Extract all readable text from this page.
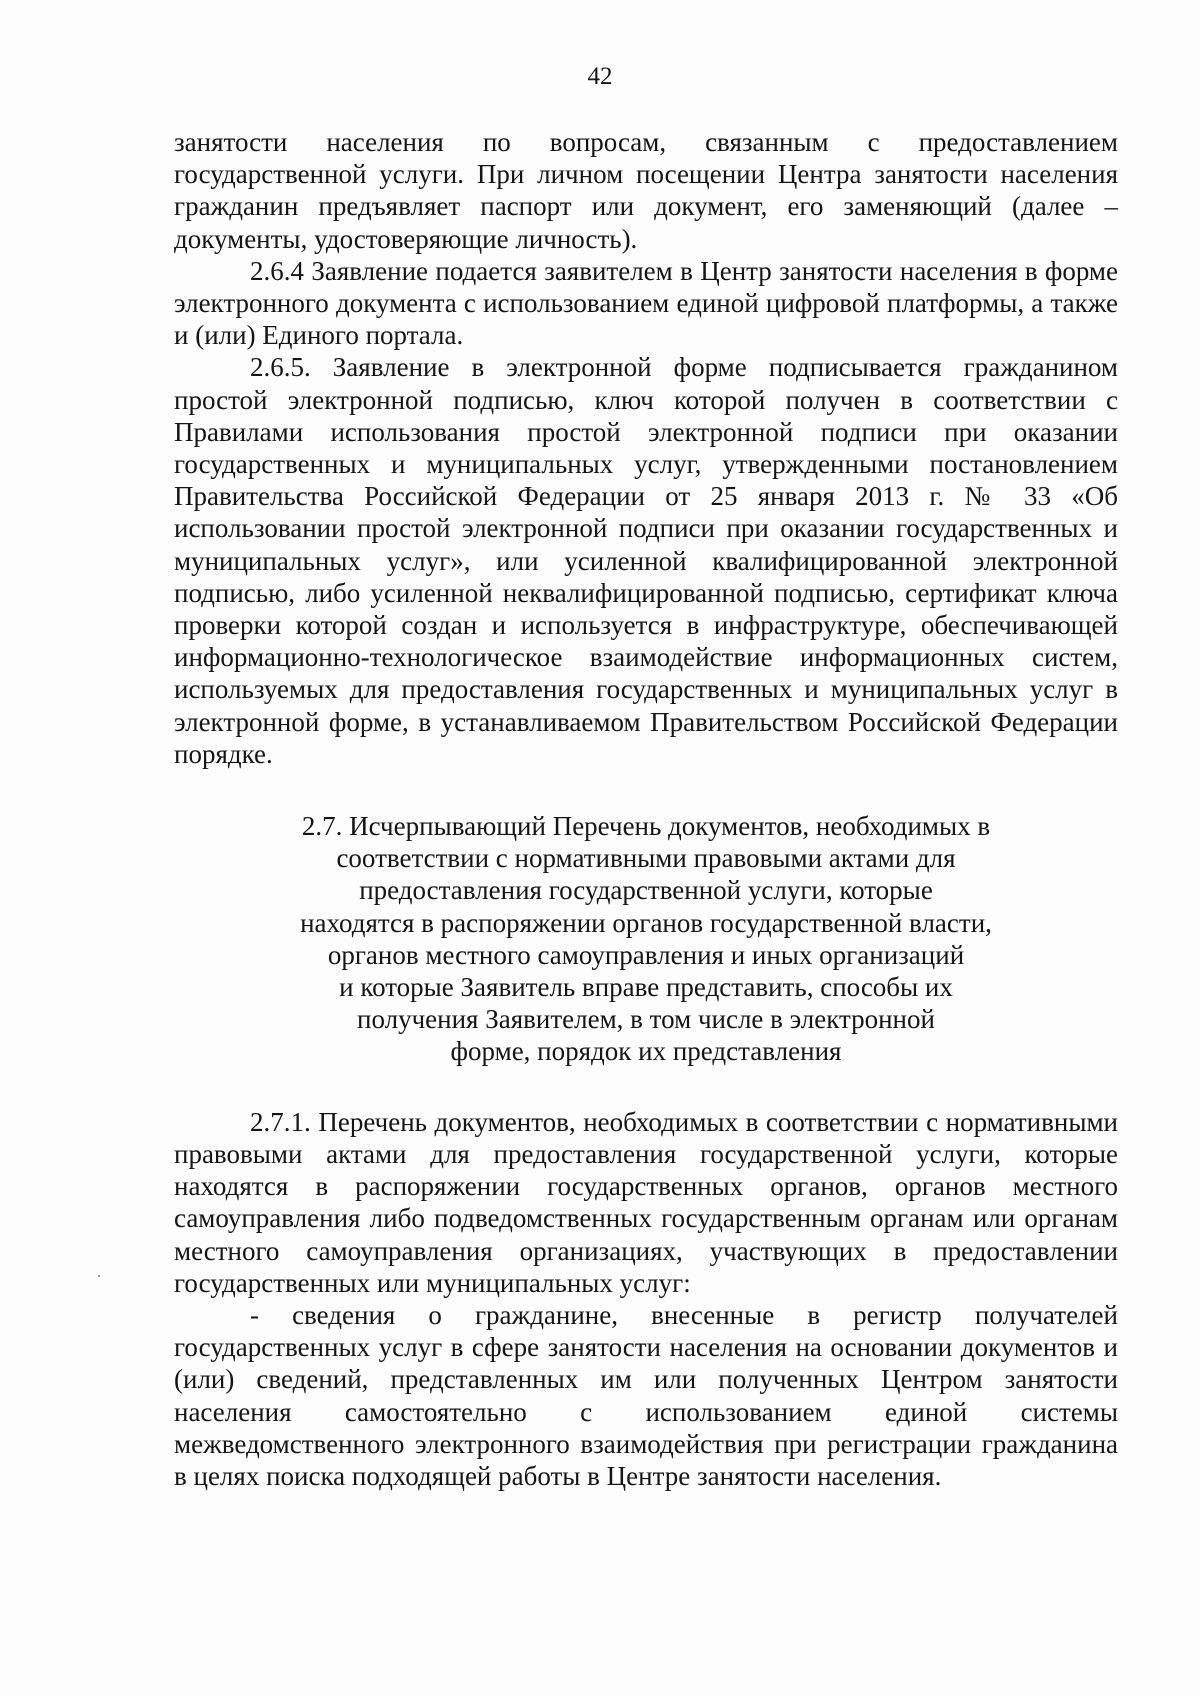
42

занятости населения по вопросам, связанным с предоставлением государственной услуги. При личном посещении Центра занятости населения гражданин предъявляет паспорт или документ, его заменяющий (далее – документы, удостоверяющие личность).

2.6.4 Заявление подается заявителем в Центр занятости населения в форме электронного документа с использованием единой цифровой платформы, а также и (или) Единого портала.

2.6.5. Заявление в электронной форме подписывается гражданином простой электронной подписью, ключ которой получен в соответствии с Правилами использования простой электронной подписи при оказании государственных и муниципальных услуг, утвержденными постановлением Правительства Российской Федерации от 25 января 2013 г. № 33 «Об использовании простой электронной подписи при оказании государственных и муниципальных услуг», или усиленной квалифицированной электронной подписью, либо усиленной неквалифицированной подписью, сертификат ключа проверки которой создан и используется в инфраструктуре, обеспечивающей информационно-технологическое взаимодействие информационных систем, используемых для предоставления государственных и муниципальных услуг в электронной форме, в устанавливаемом Правительством Российской Федерации порядке.

2.7. Исчерпывающий Перечень документов, необходимых в
соответствии с нормативными правовыми актами для
предоставления государственной услуги, которые
находятся в распоряжении органов государственной власти,
органов местного самоуправления и иных организаций
и которые Заявитель вправе представить, способы их
получения Заявителем, в том числе в электронной
форме, порядок их представления

2.7.1. Перечень документов, необходимых в соответствии с нормативными правовыми актами для предоставления государственной услуги, которые находятся в распоряжении государственных органов, органов местного самоуправления либо подведомственных государственным органам или органам местного самоуправления организациях, участвующих в предоставлении государственных или муниципальных услуг:

- сведения о гражданине, внесенные в регистр получателей государственных услуг в сфере занятости населения на основании документов и (или) сведений, представленных им или полученных Центром занятости населения самостоятельно с использованием единой системы межведомственного электронного взаимодействия при регистрации гражданина в целях поиска подходящей работы в Центре занятости населения.
